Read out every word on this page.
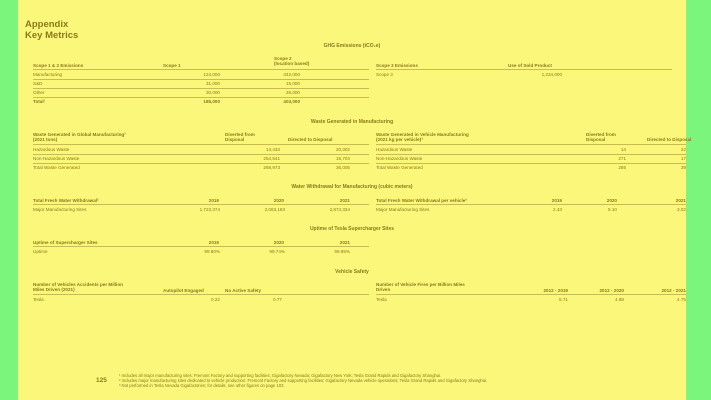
Appendix
Key Metrics
GHG Emissions (tCO₂e)
Scope 2
Scope 1 & 2 Emissions	Scope 1	(location based)
Manufacturing	124,000	342,000
S&D	31,000	15,000
Other	30,000	26,000
Total¹	185,000	403,000
Scope 3 Emissions	Use of Sold Product
Scope 3	1,234,000
Waste Generated in Manufacturing
Waste Generated in Global Manufacturing²
(2021 tons)
Diverted from
Disposal	Directed to Disposal
Hazardous Waste	14,433	20,302
Non-Hazardous Waste	254,541	15,704
Total Waste Generated	268,973	36,005
Waste Generated in Vehicle Manufacturing
(2021 kg per vehicle)³
Diverted from
Disposal	Directed to Disposal
Hazardous Waste	14	22
Non-Hazardous Waste	271	17
Total Waste Generated	286	39
Water Withdrawal for Manufacturing (cubic meters)
Total Fresh Water Withdrawal²	2019	2020	2021
Major Manufacturing Sites	1,723,374	2,063,183	2,874,334
Total Fresh Water Withdrawal per vehicle³	2019	2020	2021
Major Manufacturing Sites	2.43	5.10	3.02
Uptime of Tesla Supercharger Sites
Uptime of Supercharger Sites	2019	2020	2021
Uptime	99.80%	99.74%	99.95%
Vehicle Safety
Number of Vehicles Accidents per Million
Miles Driven (2021)	Autopilot Engaged	No Active Safety
Tesla	0.22	0.77
Number of Vehicle Fires per Billion Miles
Driven	2012 - 2019	2012 - 2020	2012 - 2021
Tesla	5.71	4.88	4.75
125
¹ Includes all major manufacturing sites: Fremont Factory and supporting facilities; Gigafactory Nevada; Gigafactory New York; Tesla Grand Rapids and Gigafactory Shanghai.
² Includes major manufacturing sites dedicated to vehicle production: Fremont Factory and supporting facilities; Gigafactory Nevada vehicle operations; Tesla Grand Rapids and Gigafactory Shanghai.
³ Not performed in Tesla Nevada Gigafactories; for details, see other figures on page 103.
